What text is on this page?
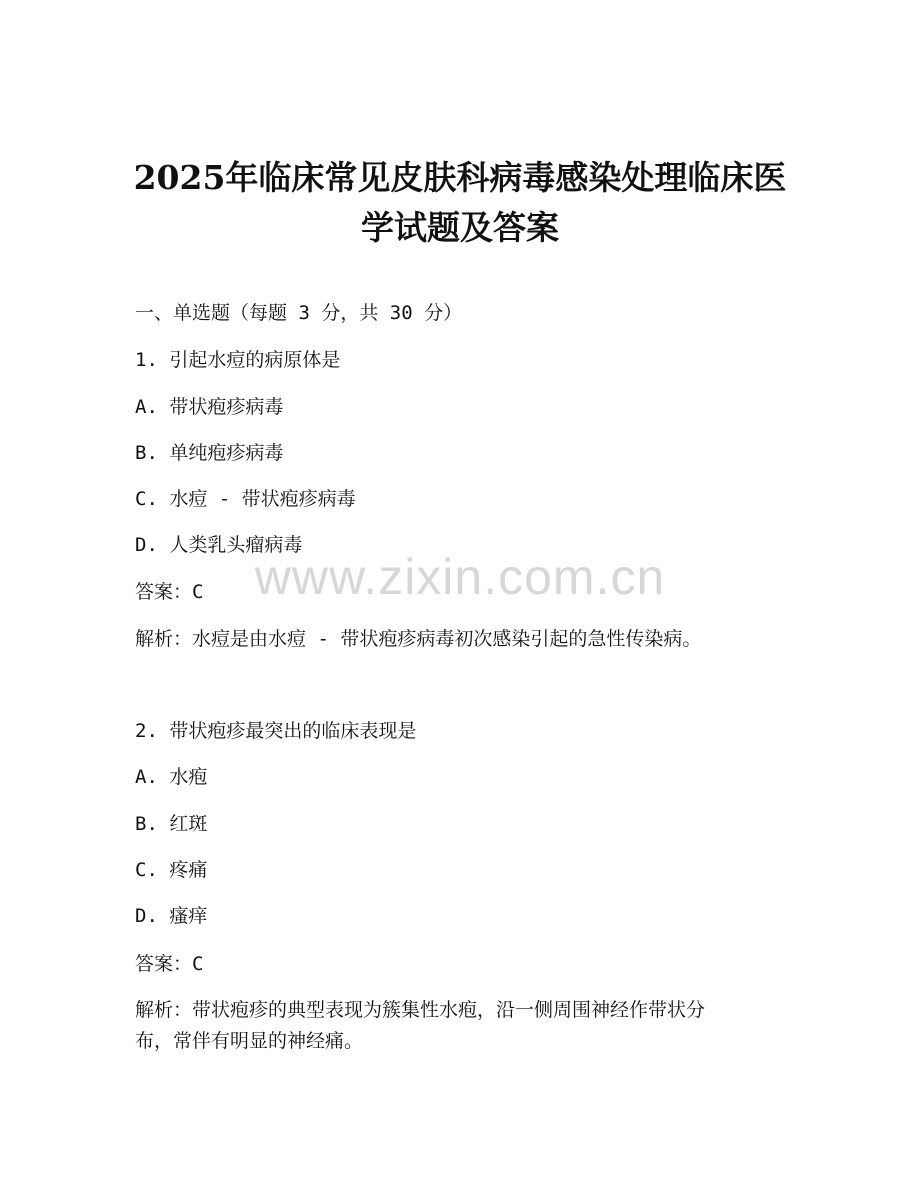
2025年临床常见皮肤科病毒感染处理临床医
学试题及答案

一、单选题（每题 3 分，共 30 分）

1. 引起水痘的病原体是

A. 带状疱疹病毒

B. 单纯疱疹病毒

C. 水痘 - 带状疱疹病毒

D. 人类乳头瘤病毒

答案：C

解析：水痘是由水痘 - 带状疱疹病毒初次感染引起的急性传染病。

2. 带状疱疹最突出的临床表现是

A. 水疱

B. 红斑

C. 疼痛

D. 瘙痒

答案：C

解析：带状疱疹的典型表现为簇集性水疱，沿一侧周围神经作带状分

布，常伴有明显的神经痛。

www.zixin.com.cn
